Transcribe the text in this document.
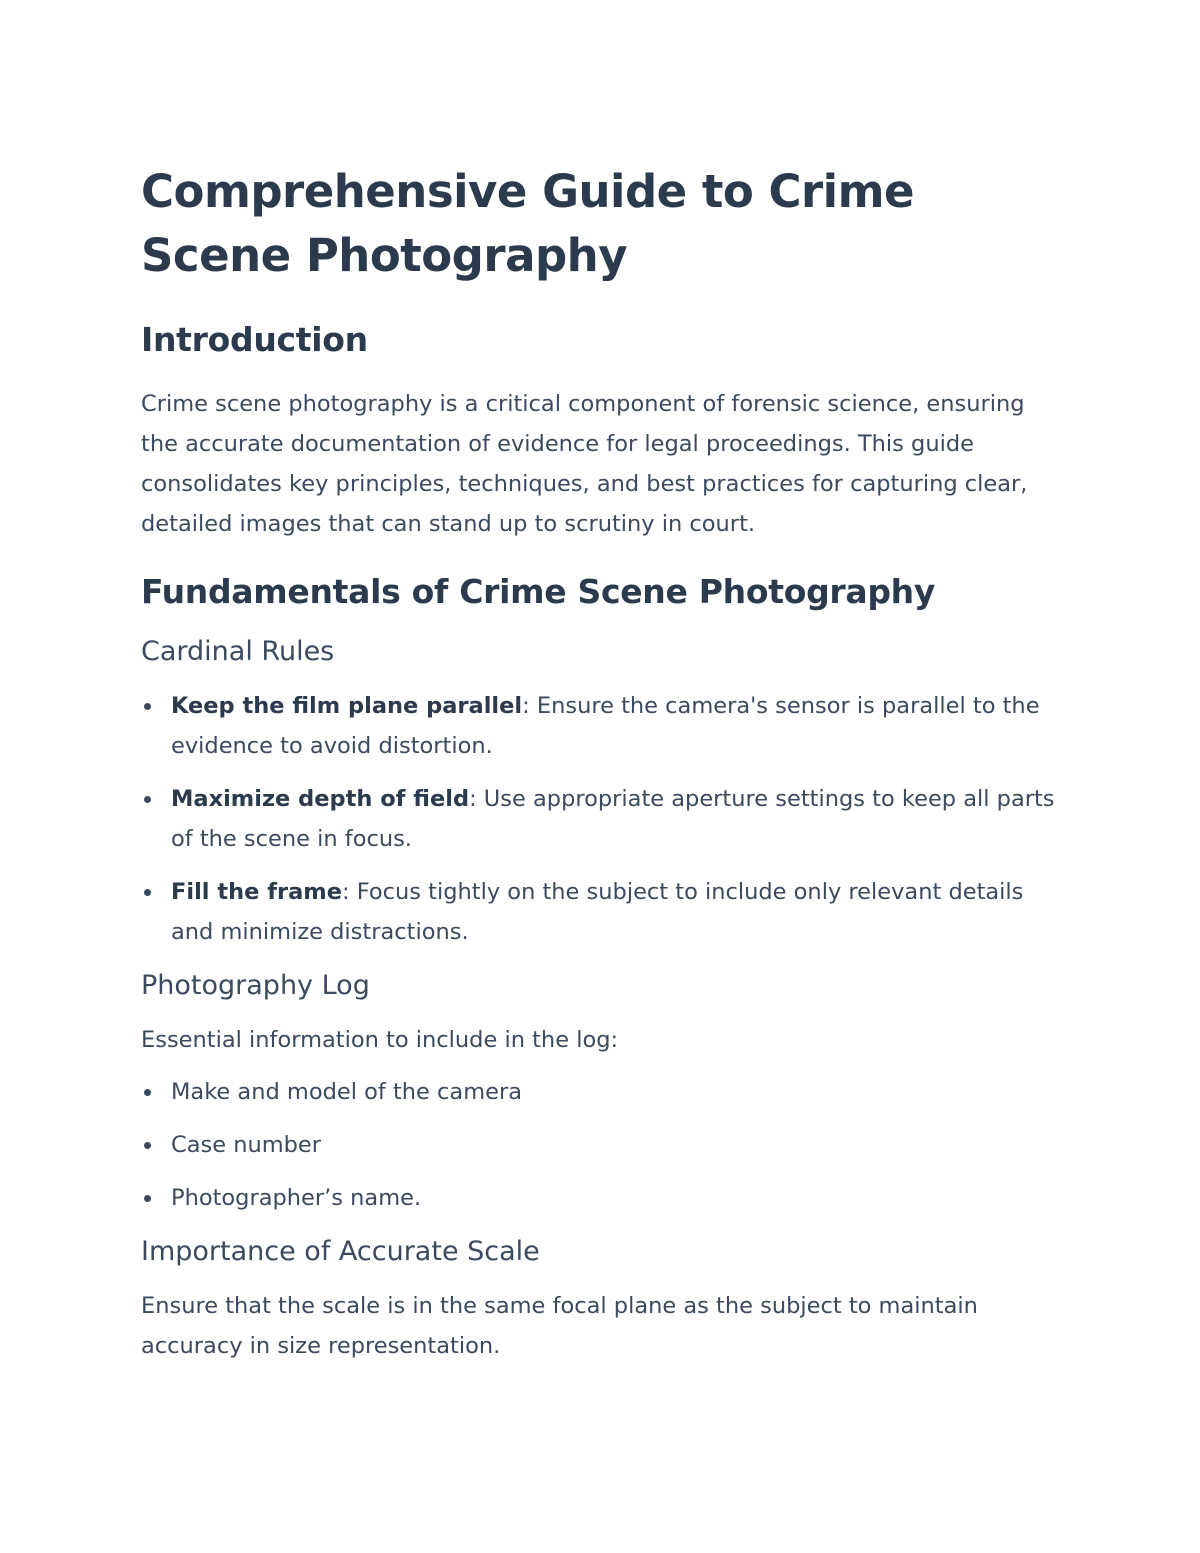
Comprehensive Guide to Crime Scene Photography
Introduction

Crime scene photography is a critical component of forensic science, ensuring the accurate documentation of evidence for legal proceedings. This guide consolidates key principles, techniques, and best practices for capturing clear, detailed images that can stand up to scrutiny in court.

Fundamentals of Crime Scene Photography
Cardinal Rules
Keep the film plane parallel: Ensure the camera's sensor is parallel to the evidence to avoid distortion.
Maximize depth of field: Use appropriate aperture settings to keep all parts of the scene in focus.
Fill the frame: Focus tightly on the subject to include only relevant details and minimize distractions.
Photography Log

Essential information to include in the log:

Make and model of the camera
Case number
Photographer’s name.
Importance of Accurate Scale

Ensure that the scale is in the same focal plane as the subject to maintain accuracy in size representation.
